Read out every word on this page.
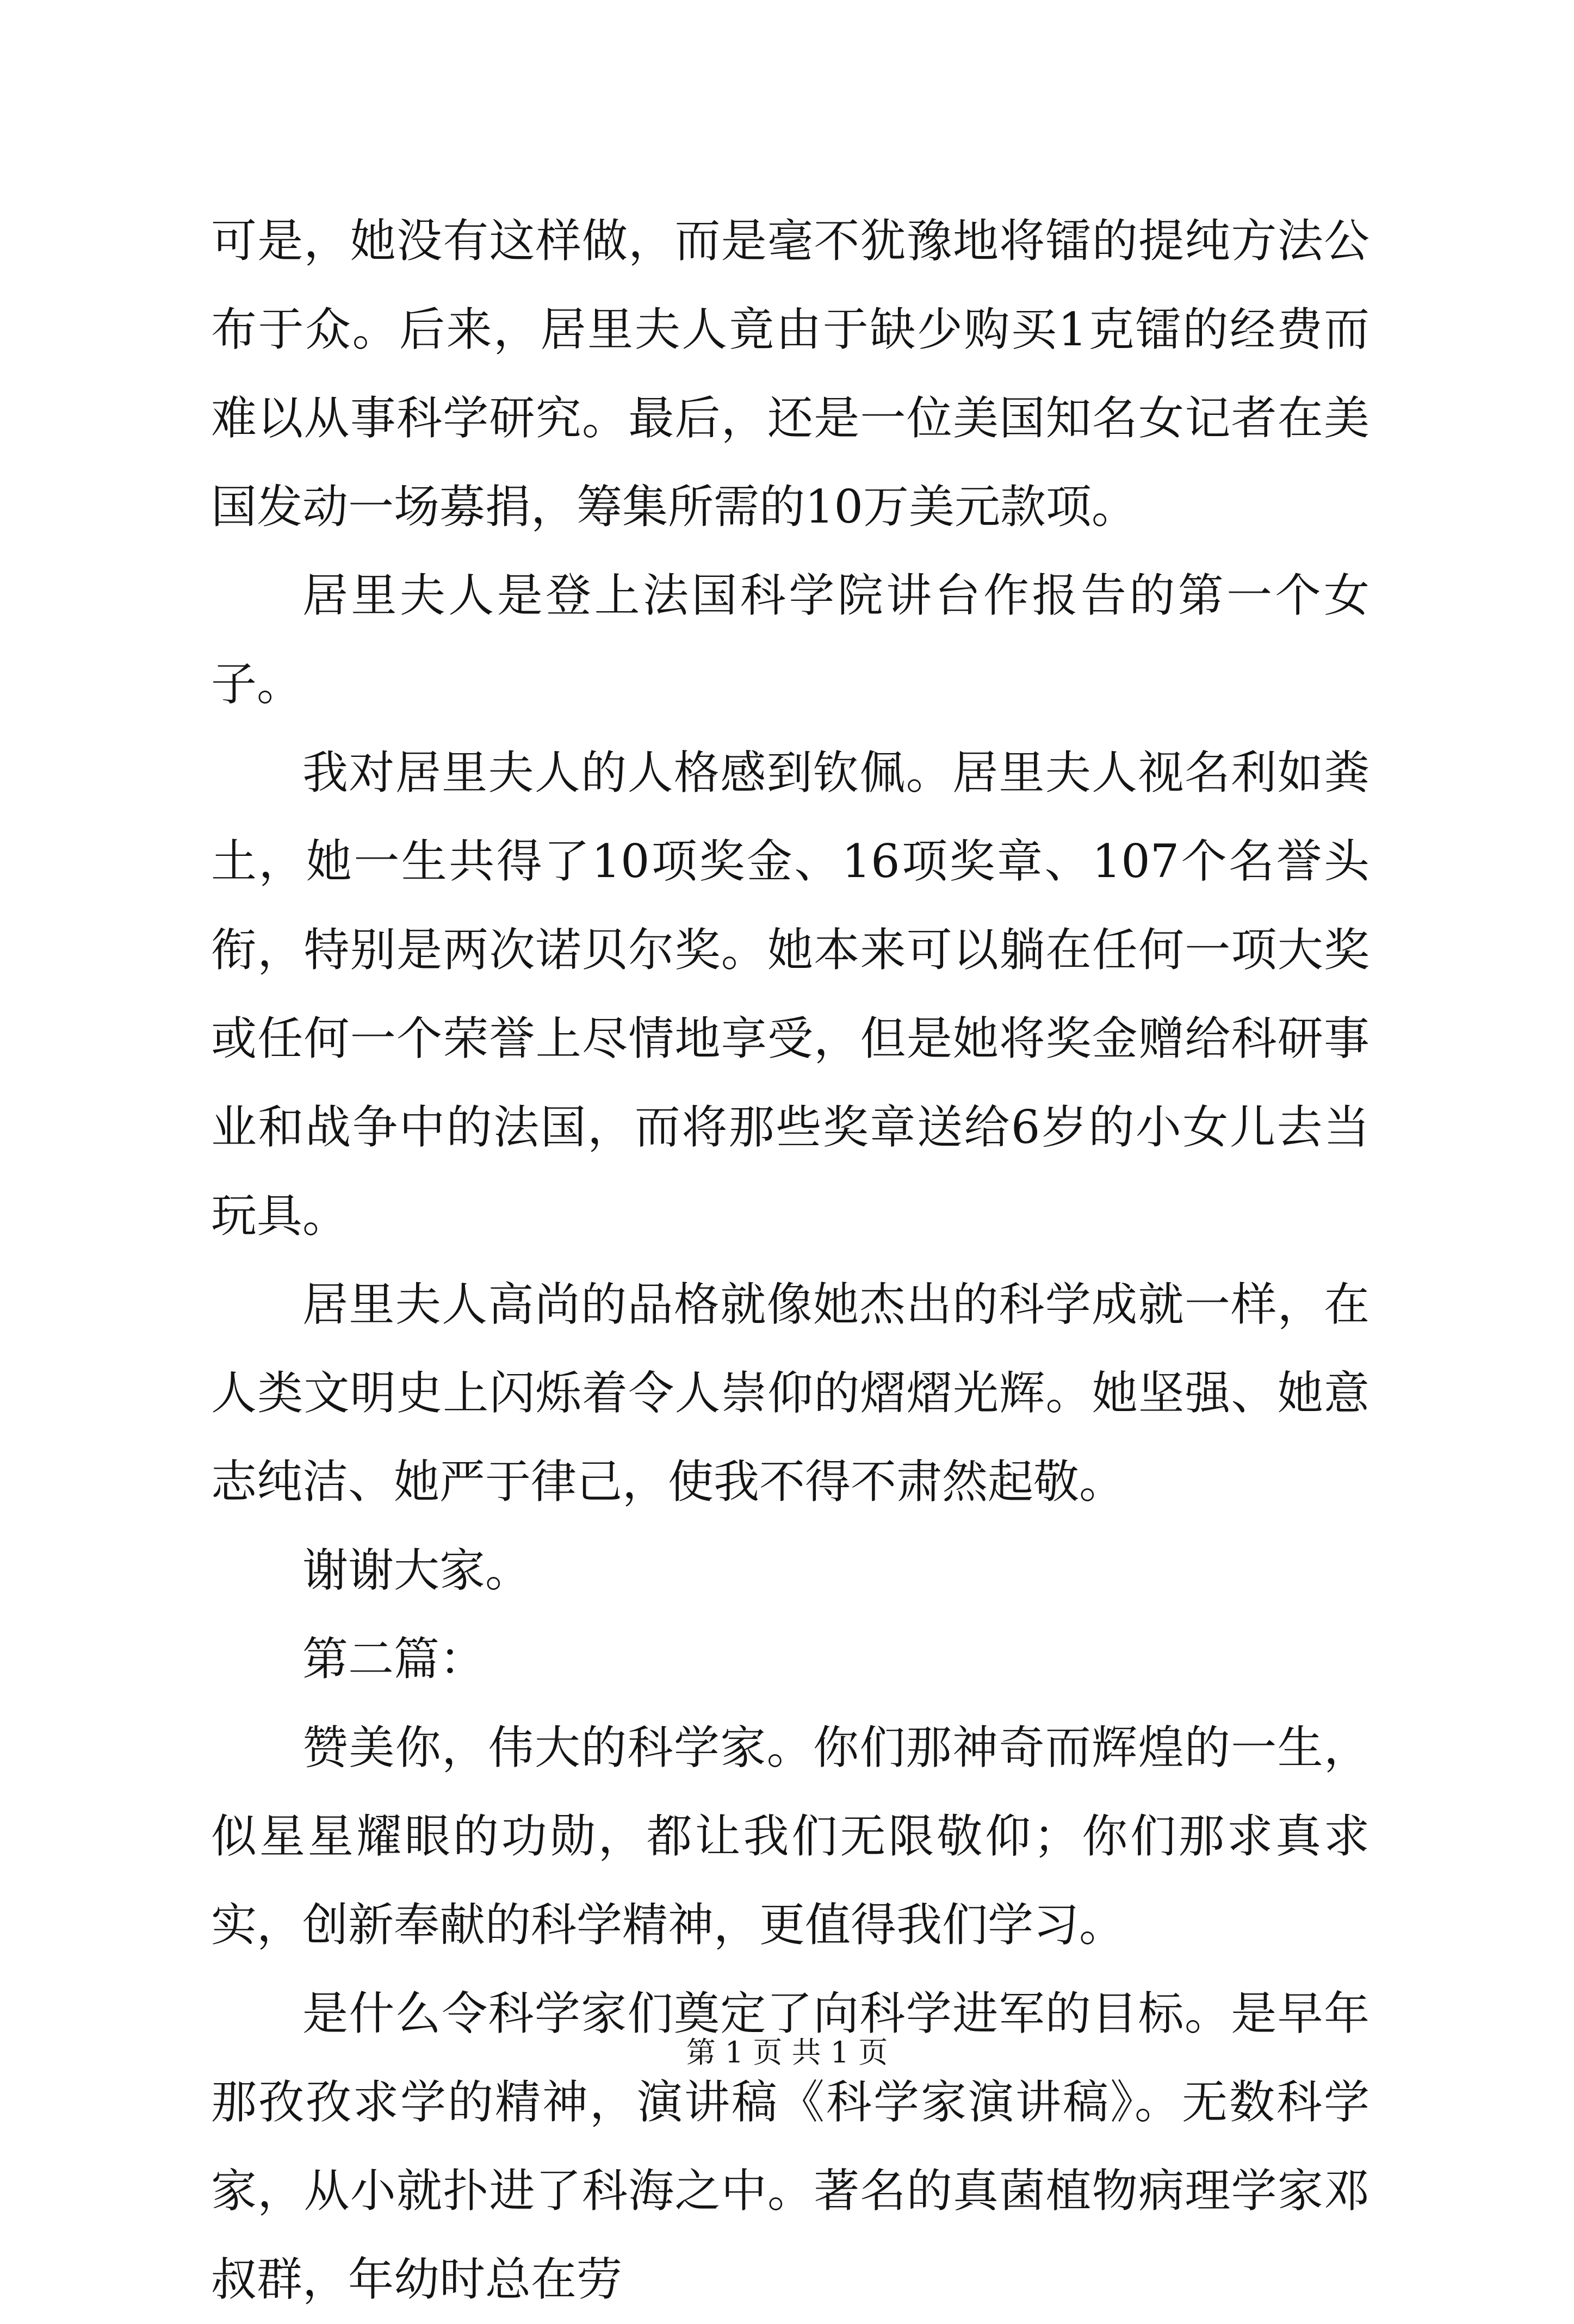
可是，她没有这样做，而是毫不犹豫地将镭的提纯方法公布于众。后来，居里夫人竟由于缺少购买1克镭的经费而难以从事科学研究。最后，还是一位美国知名女记者在美国发动一场募捐，筹集所需的10万美元款项。

居里夫人是登上法国科学院讲台作报告的第一个女子。

我对居里夫人的人格感到钦佩。居里夫人视名利如粪土，她一生共得了10项奖金、16项奖章、107个名誉头衔，特别是两次诺贝尔奖。她本来可以躺在任何一项大奖或任何一个荣誉上尽情地享受，但是她将奖金赠给科研事业和战争中的法国，而将那些奖章送给6岁的小女儿去当玩具。

居里夫人高尚的品格就像她杰出的科学成就一样，在人类文明史上闪烁着令人崇仰的熠熠光辉。她坚强、她意志纯洁、她严于律己，使我不得不肃然起敬。

谢谢大家。

第二篇：

赞美你，伟大的科学家。你们那神奇而辉煌的一生，似星星耀眼的功勋，都让我们无限敬仰；你们那求真求实，创新奉献的科学精神，更值得我们学习。

是什么令科学家们奠定了向科学进军的目标。是早年那孜孜求学的精神，演讲稿《科学家演讲稿》。无数科学家，从小就扑进了科海之中。著名的真菌植物病理学家邓叔群，年幼时总在劳

第 1 页 共 1 页
